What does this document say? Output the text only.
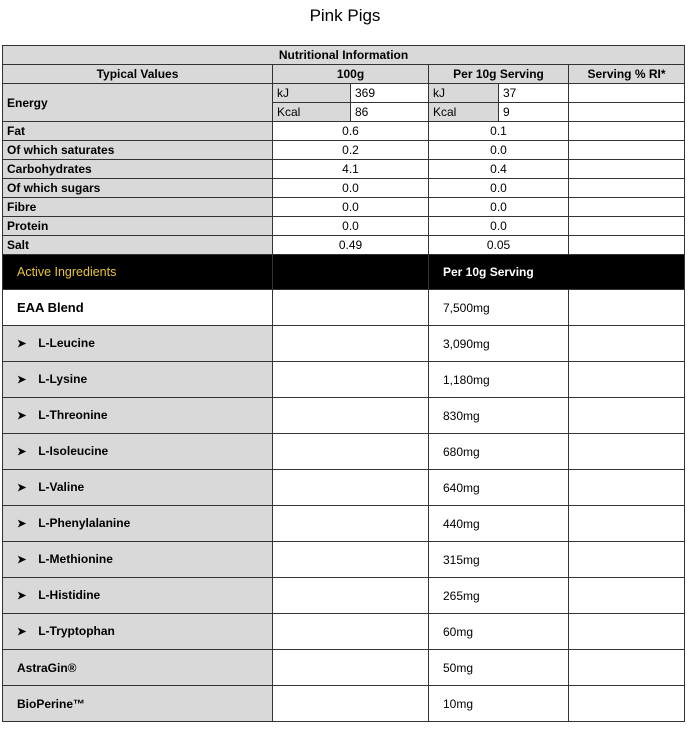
Pink Pigs
Nutritional Information					
Typical Values	100g		Per 10g Serving		Serving % RI*
Energy	kJ	369	kJ	37	
	Kcal	86	Kcal	9	
Fat	0.6		0.1		
Of which saturates	0.2		0.0		
Carbohydrates	4.1		0.4		
Of which sugars	0.0		0.0		
Fibre	0.0		0.0		
Protein	0.0		0.0		
Salt	0.49		0.05		
Active Ingredients			Per 10g Serving		
EAA Blend			7,500mg		
➤ L-Leucine			3,090mg		
➤ L-Lysine			1,180mg		
➤ L-Threonine			830mg		
➤ L-Isoleucine			680mg		
➤ L-Valine			640mg		
➤ L-Phenylalanine			440mg		
➤ L-Methionine			315mg		
➤ L-Histidine			265mg		
➤ L-Tryptophan			60mg		
AstraGin®			50mg		
BioPerine™			10mg		
